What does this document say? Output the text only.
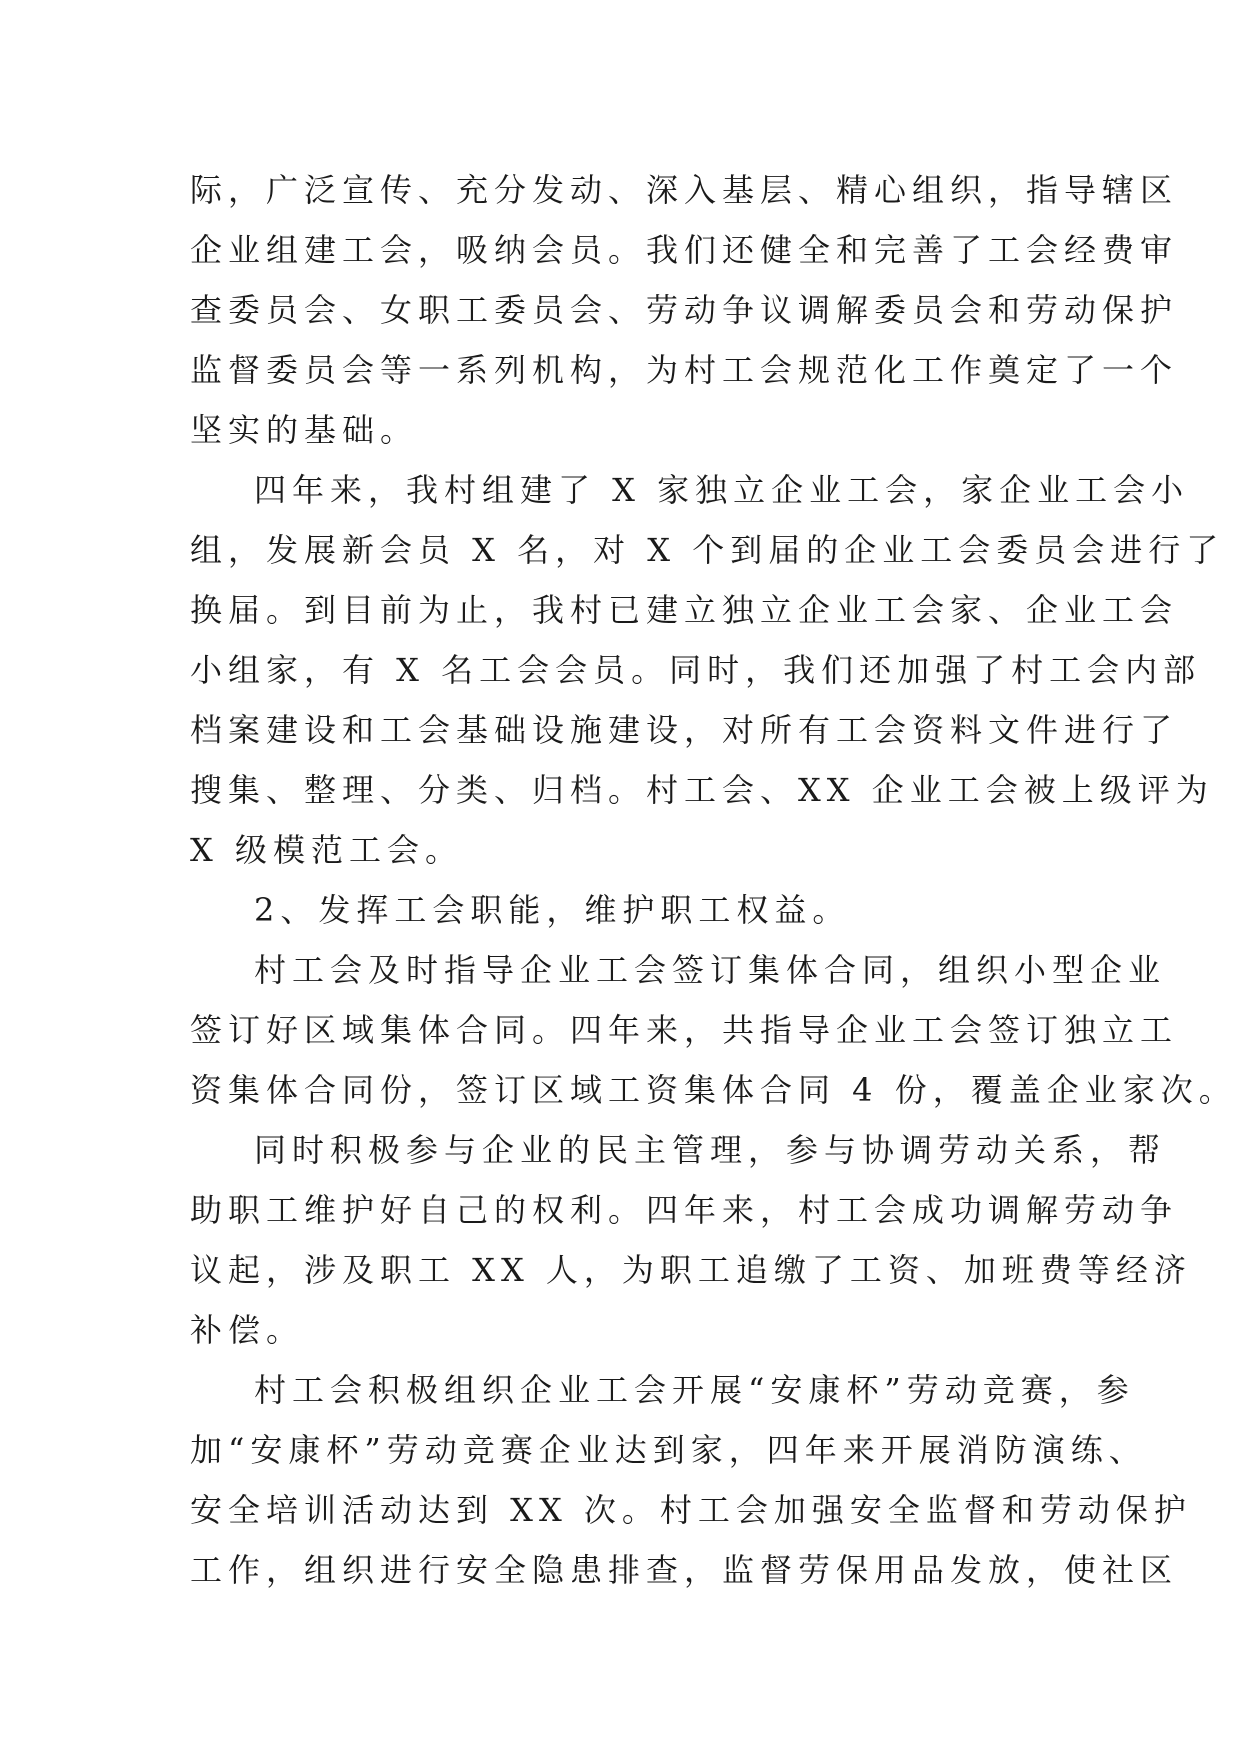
际，广泛宣传、充分发动、深入基层、精心组织，指导辖区
企业组建工会，吸纳会员。我们还健全和完善了工会经费审
查委员会、女职工委员会、劳动争议调解委员会和劳动保护
监督委员会等一系列机构，为村工会规范化工作奠定了一个
坚实的基础。
四年来，我村组建了 X 家独立企业工会，家企业工会小
组，发展新会员 X 名，对 X 个到届的企业工会委员会进行了
换届。到目前为止，我村已建立独立企业工会家、企业工会
小组家，有 X 名工会会员。同时，我们还加强了村工会内部
档案建设和工会基础设施建设，对所有工会资料文件进行了
搜集、整理、分类、归档。村工会、XX 企业工会被上级评为
X 级模范工会。
2、发挥工会职能，维护职工权益。
村工会及时指导企业工会签订集体合同，组织小型企业
签订好区域集体合同。四年来，共指导企业工会签订独立工
资集体合同份，签订区域工资集体合同 4 份，覆盖企业家次。
同时积极参与企业的民主管理，参与协调劳动关系，帮
助职工维护好自己的权利。四年来，村工会成功调解劳动争
议起，涉及职工 XX 人，为职工追缴了工资、加班费等经济
补偿。
村工会积极组织企业工会开展“安康杯”劳动竞赛，参
加“安康杯”劳动竞赛企业达到家，四年来开展消防演练、
安全培训活动达到 XX 次。村工会加强安全监督和劳动保护
工作，组织进行安全隐患排查，监督劳保用品发放，使社区
